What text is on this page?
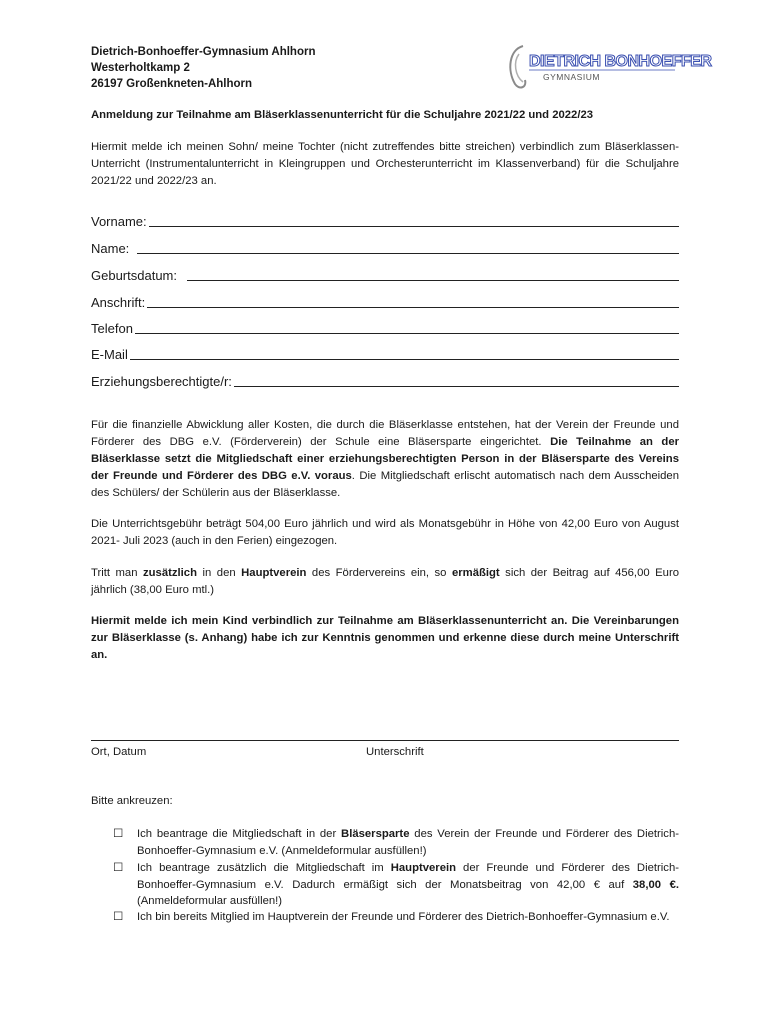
Dietrich-Bonhoeffer-Gymnasium Ahlhorn
Westerholtkamp 2
26197 Großenkneten-Ahlhorn
DIETRICH BONHOEFFER
GYMNASIUM
Anmeldung zur Teilnahme am Bläserklassenunterricht für die Schuljahre 2021/22 und 2022/23
Hiermit melde ich meinen Sohn/ meine Tochter (nicht zutreffendes bitte streichen) verbindlich zum Bläserklassen-Unterricht (Instrumentalunterricht in Kleingruppen und Orchesterunterricht im Klassenverband) für die Schuljahre 2021/22 und 2022/23 an.
Vorname:
Name:
Geburtsdatum:
Anschrift:
Telefon
E-Mail
Erziehungsberechtigte/r:
Für die finanzielle Abwicklung aller Kosten, die durch die Bläserklasse entstehen, hat der Verein der Freunde und Förderer des DBG e.V. (Förderverein) der Schule eine Bläsersparte eingerichtet. Die Teilnahme an der Bläserklasse setzt die Mitgliedschaft einer erziehungsberechtigten Person in der Bläsersparte des Vereins der Freunde und Förderer des DBG e.V. voraus. Die Mitgliedschaft erlischt automatisch nach dem Ausscheiden des Schülers/ der Schülerin aus der Bläserklasse.
Die Unterrichtsgebühr beträgt 504,00 Euro jährlich und wird als Monatsgebühr in Höhe von 42,00 Euro von August 2021- Juli 2023 (auch in den Ferien) eingezogen.
Tritt man zusätzlich in den Hauptverein des Fördervereins ein, so ermäßigt sich der Beitrag auf 456,00 Euro jährlich (38,00 Euro mtl.)
Hiermit melde ich mein Kind verbindlich zur Teilnahme am Bläserklassenunterricht an. Die Vereinbarungen zur Bläserklasse (s. Anhang) habe ich zur Kenntnis genommen und erkenne diese durch meine Unterschrift an.
Ort, Datum	Unterschrift
Bitte ankreuzen:
☐ Ich beantrage die Mitgliedschaft in der Bläsersparte des Verein der Freunde und Förderer des Dietrich-Bonhoeffer-Gymnasium e.V. (Anmeldeformular ausfüllen!)
☐ Ich beantrage zusätzlich die Mitgliedschaft im Hauptverein der Freunde und Förderer des Dietrich-Bonhoeffer-Gymnasium e.V. Dadurch ermäßigt sich der Monatsbeitrag von 42,00 € auf 38,00 €. (Anmeldeformular ausfüllen!)
☐ Ich bin bereits Mitglied im Hauptverein der Freunde und Förderer des Dietrich-Bonhoeffer-Gymnasium e.V.
